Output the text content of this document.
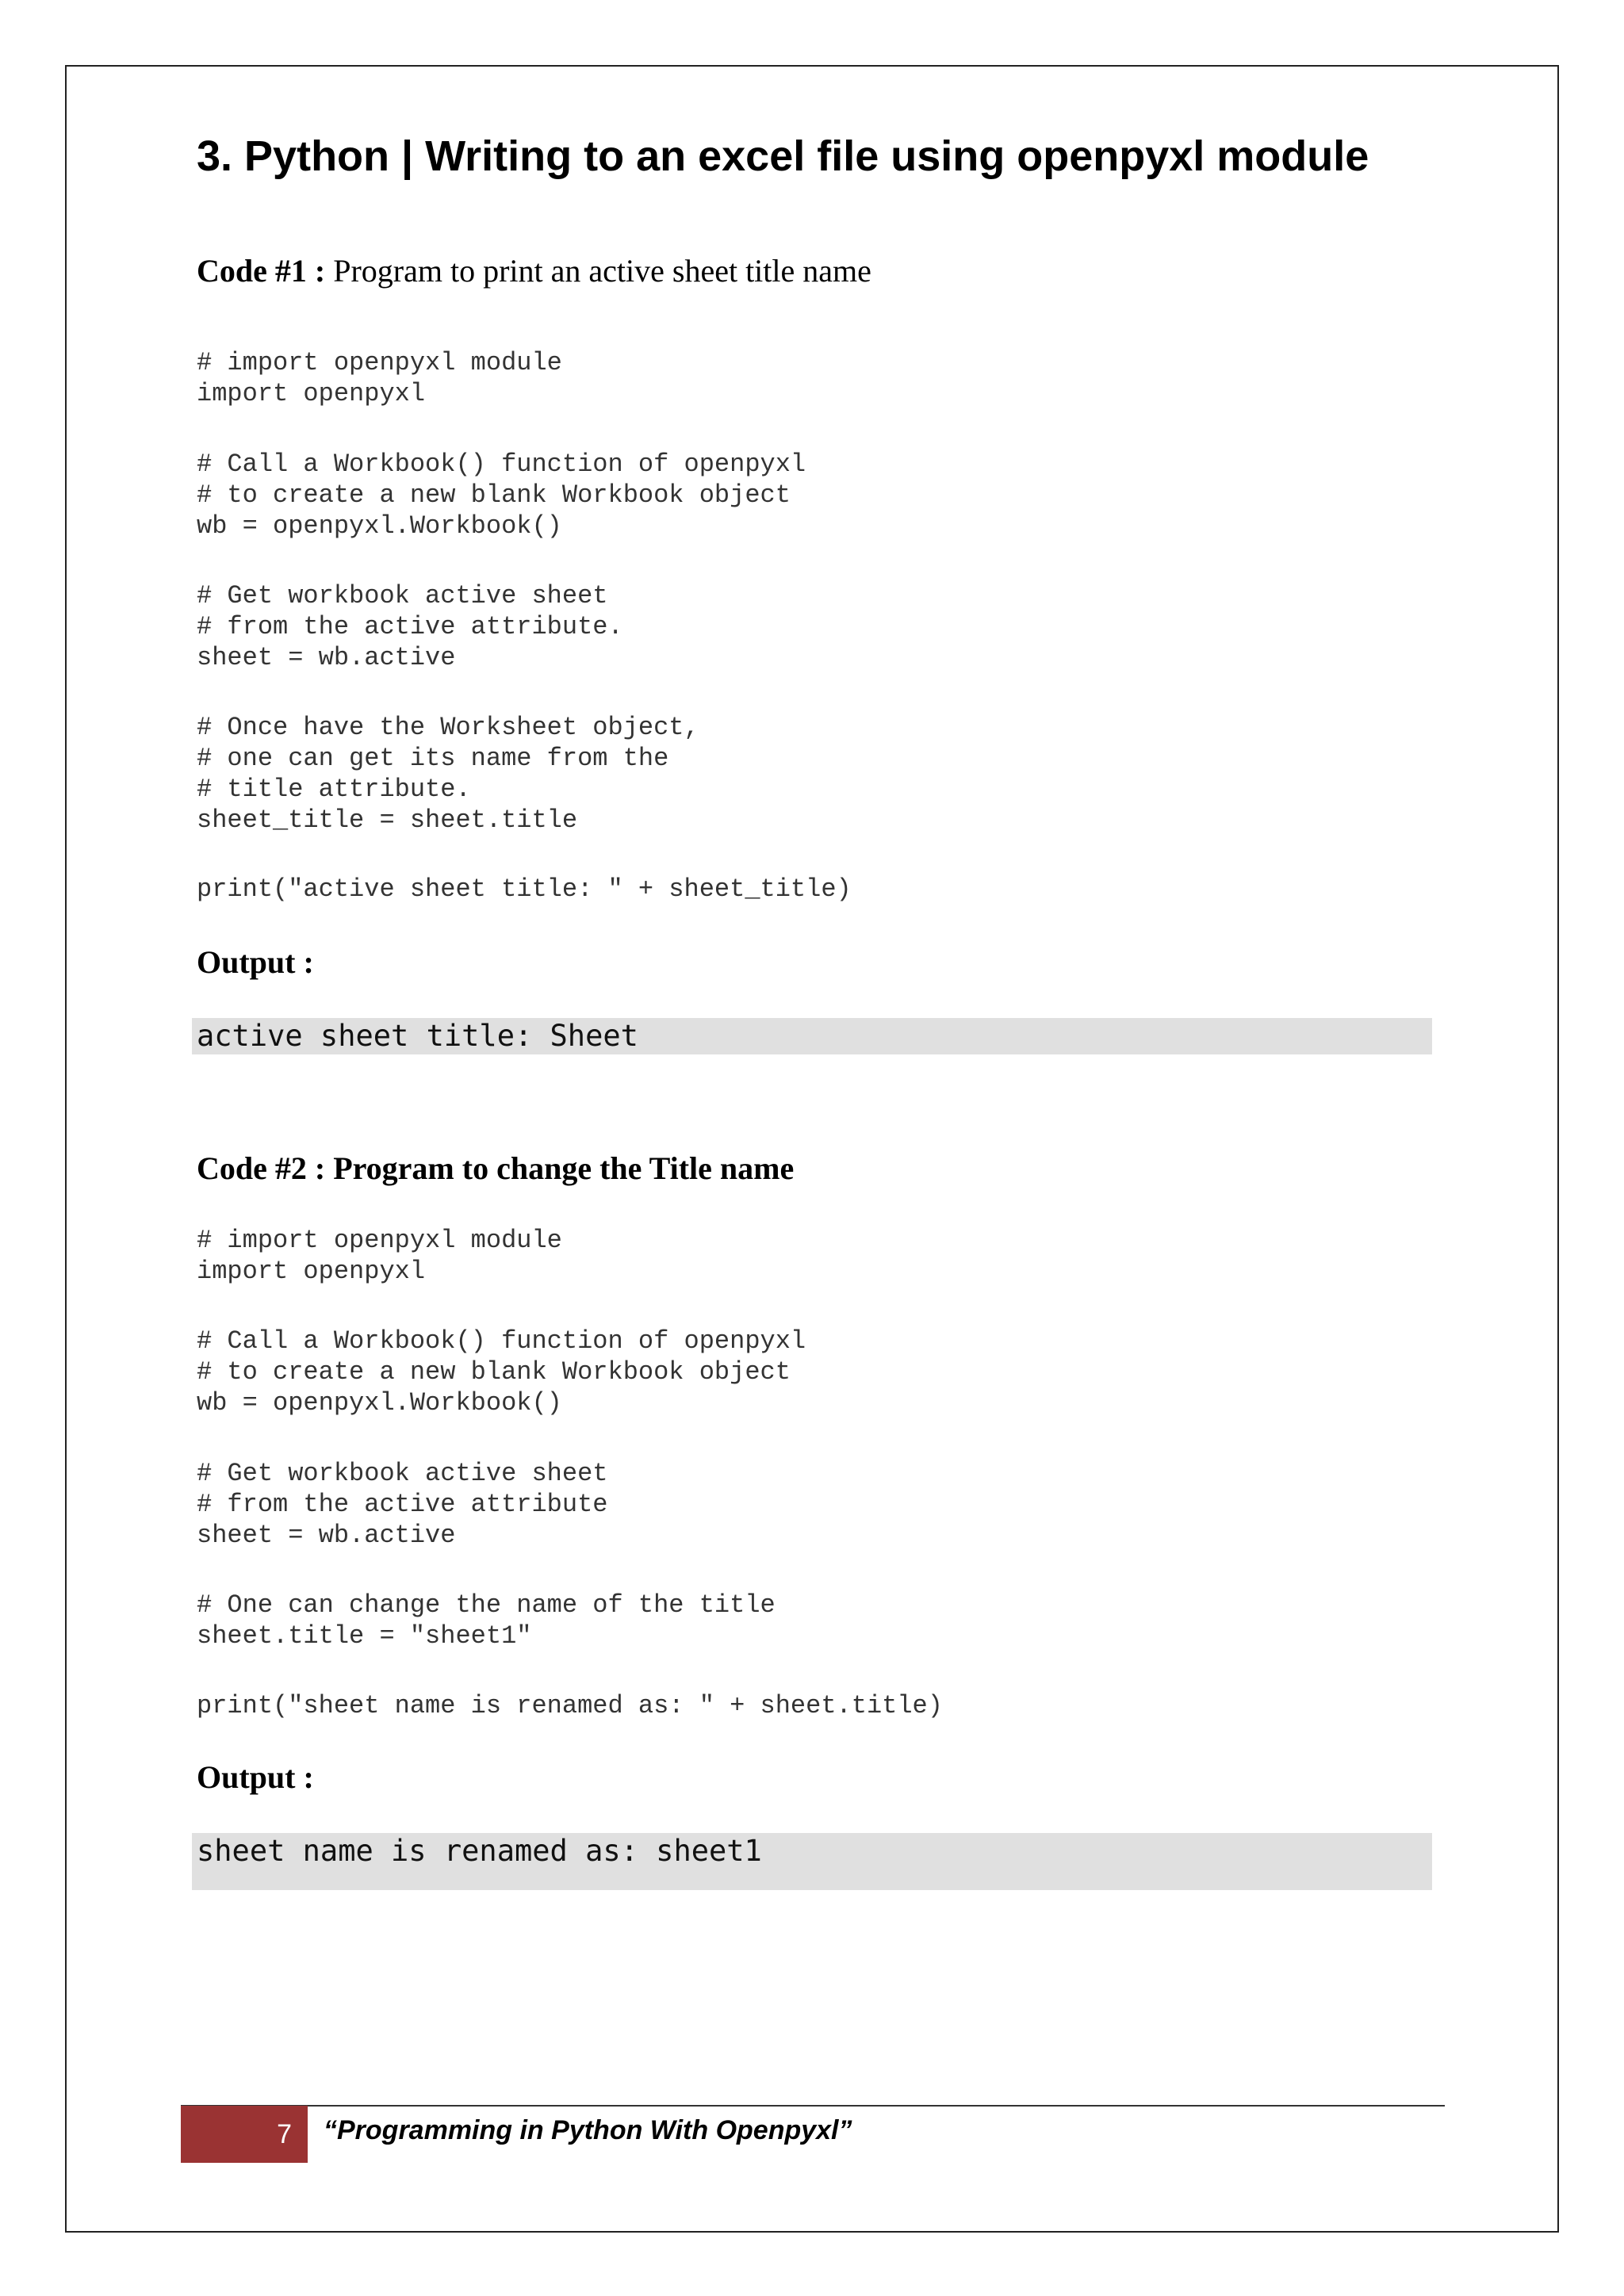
3. Python | Writing to an excel file using openpyxl module

Code #1 : Program to print an active sheet title name

# import openpyxl module
import openpyxl
# Call a Workbook() function of openpyxl
# to create a new blank Workbook object
wb = openpyxl.Workbook()
# Get workbook active sheet
# from the active attribute.
sheet = wb.active
# Once have the Worksheet object,
# one can get its name from the
# title attribute.
sheet_title = sheet.title
print("active sheet title: " + sheet_title)

Output :

active sheet title: Sheet

Code #2 : Program to change the Title name

# import openpyxl module
import openpyxl
# Call a Workbook() function of openpyxl
# to create a new blank Workbook object
wb = openpyxl.Workbook()
# Get workbook active sheet
# from the active attribute
sheet = wb.active
# One can change the name of the title
sheet.title = "sheet1"
print("sheet name is renamed as: " + sheet.title)

Output :

sheet name is renamed as: sheet1
7	“Programming in Python With Openpyxl”
